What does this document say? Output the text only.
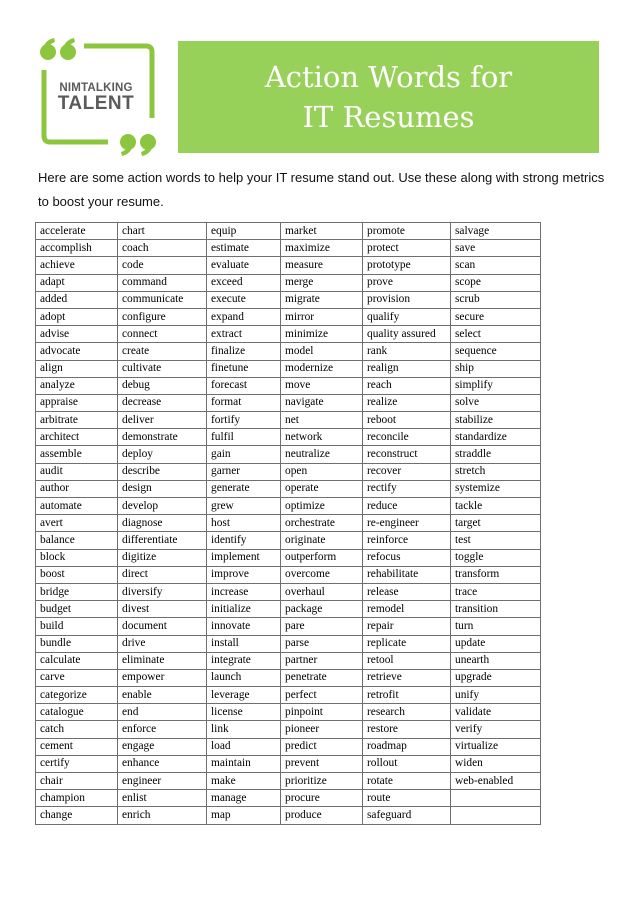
NIMTALKING
TALENT
Action Words for
IT Resumes
Here are some action words to help your IT resume stand out. Use these along with strong metrics to boost your resume.
accelerate	chart	equip	market	promote	salvage
accomplish	coach	estimate	maximize	protect	save
achieve	code	evaluate	measure	prototype	scan
adapt	command	exceed	merge	prove	scope
added	communicate	execute	migrate	provision	scrub
adopt	configure	expand	mirror	qualify	secure
advise	connect	extract	minimize	quality assured	select
advocate	create	finalize	model	rank	sequence
align	cultivate	finetune	modernize	realign	ship
analyze	debug	forecast	move	reach	simplify
appraise	decrease	format	navigate	realize	solve
arbitrate	deliver	fortify	net	reboot	stabilize
architect	demonstrate	fulfil	network	reconcile	standardize
assemble	deploy	gain	neutralize	reconstruct	straddle
audit	describe	garner	open	recover	stretch
author	design	generate	operate	rectify	systemize
automate	develop	grew	optimize	reduce	tackle
avert	diagnose	host	orchestrate	re-engineer	target
balance	differentiate	identify	originate	reinforce	test
block	digitize	implement	outperform	refocus	toggle
boost	direct	improve	overcome	rehabilitate	transform
bridge	diversify	increase	overhaul	release	trace
budget	divest	initialize	package	remodel	transition
build	document	innovate	pare	repair	turn
bundle	drive	install	parse	replicate	update
calculate	eliminate	integrate	partner	retool	unearth
carve	empower	launch	penetrate	retrieve	upgrade
categorize	enable	leverage	perfect	retrofit	unify
catalogue	end	license	pinpoint	research	validate
catch	enforce	link	pioneer	restore	verify
cement	engage	load	predict	roadmap	virtualize
certify	enhance	maintain	prevent	rollout	widen
chair	engineer	make	prioritize	rotate	web-enabled
champion	enlist	manage	procure	route	
change	enrich	map	produce	safeguard	
